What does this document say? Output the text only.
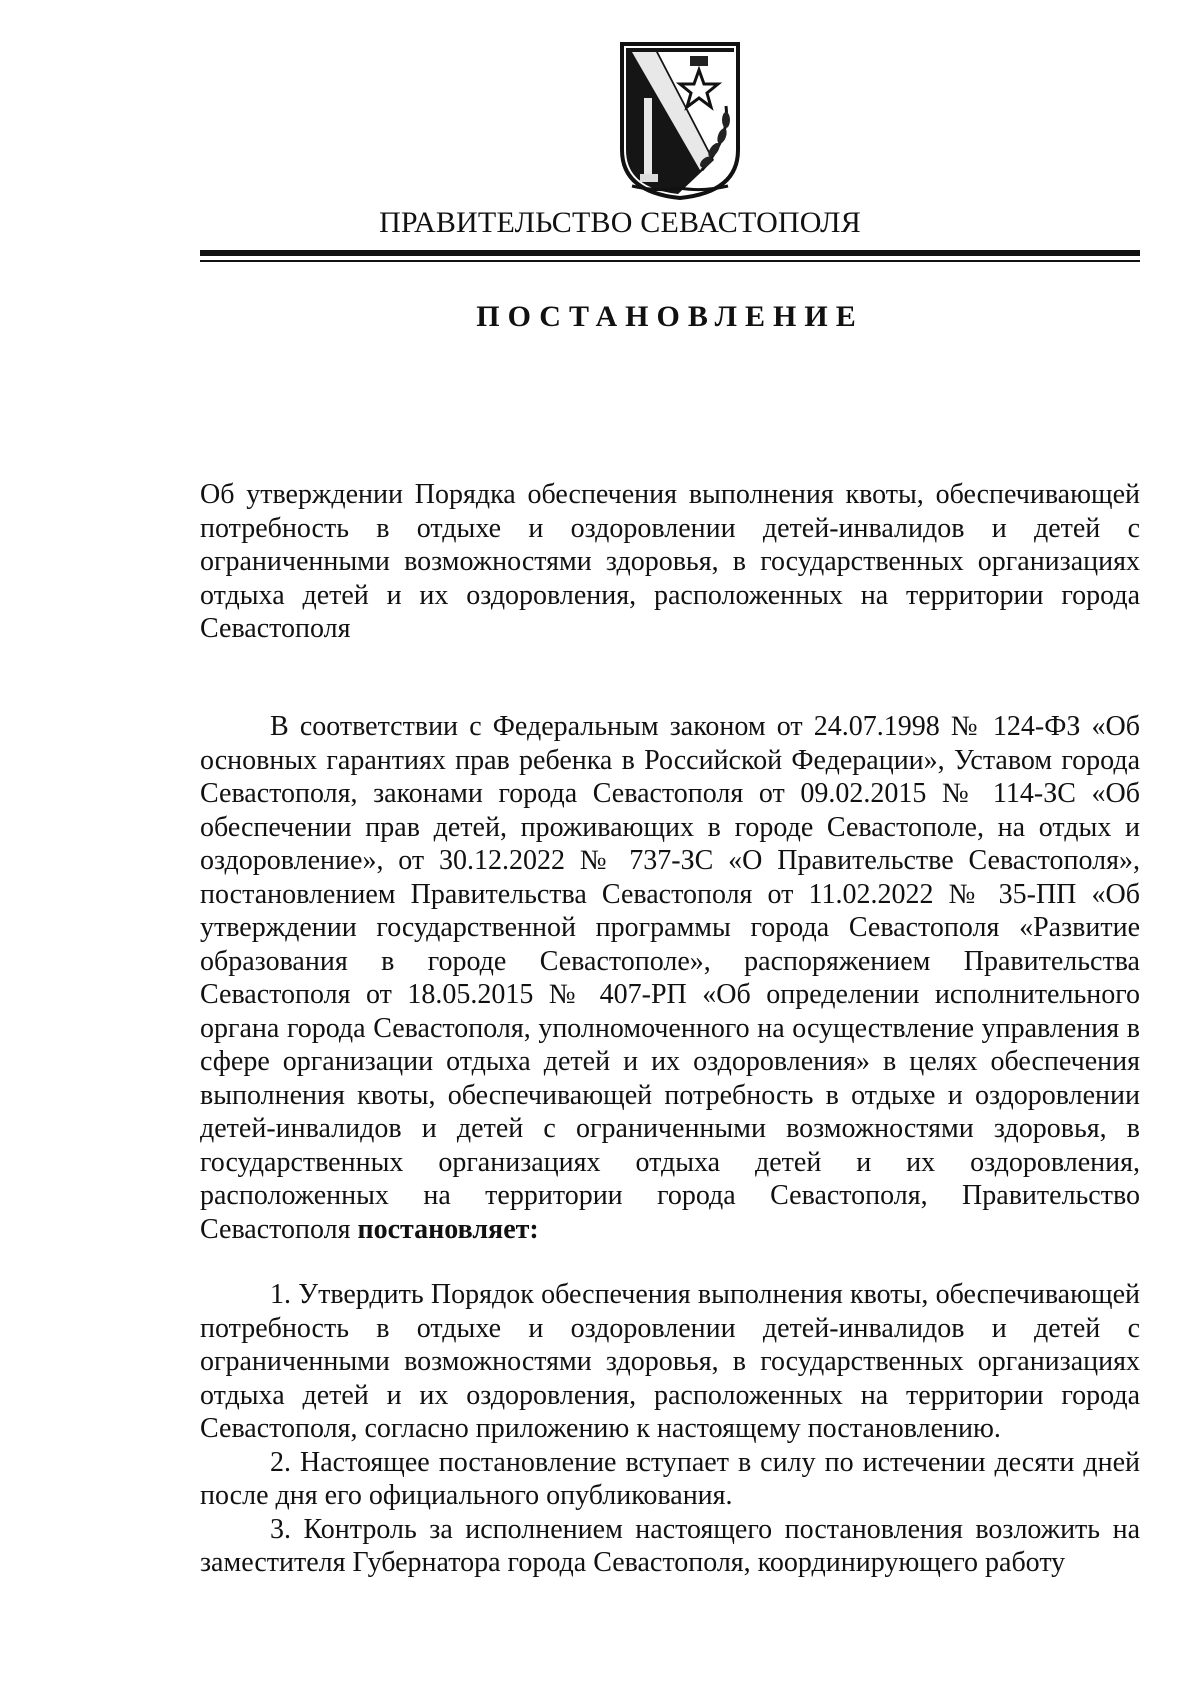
ПРАВИТЕЛЬСТВО СЕВАСТОПОЛЯ
ПОСТАНОВЛЕНИЕ
Об утверждении Порядка обеспечения выполнения квоты, обеспечивающей потребность в отдыхе и оздоровлении детей-инвалидов и детей с ограниченными возможностями здоровья, в государственных организациях отдыха детей и их оздоровления, расположенных на территории города Севастополя
В соответствии с Федеральным законом от 24.07.1998 № 124-ФЗ «Об основных гарантиях прав ребенка в Российской Федерации», Уставом города Севастополя, законами города Севастополя от 09.02.2015 № 114-ЗС «Об обеспечении прав детей, проживающих в городе Севастополе, на отдых и оздоровление», от 30.12.2022 № 737-ЗС «О Правительстве Севастополя», постановлением Правительства Севастополя от 11.02.2022 № 35-ПП «Об утверждении государственной программы города Севастополя «Развитие образования в городе Севастополе», распоряжением Правительства Севастополя от 18.05.2015 № 407-РП «Об определении исполнительного органа города Севастополя, уполномоченного на осуществление управления в сфере организации отдыха детей и их оздоровления» в целях обеспечения выполнения квоты, обеспечивающей потребность в отдыхе и оздоровлении детей-инвалидов и детей с ограниченными возможностями здоровья, в государственных организациях отдыха детей и их оздоровления, расположенных на территории города Севастополя, Правительство Севастополя постановляет:

1. Утвердить Порядок обеспечения выполнения квоты, обеспечивающей потребность в отдыхе и оздоровлении детей-инвалидов и детей с ограниченными возможностями здоровья, в государственных организациях отдыха детей и их оздоровления, расположенных на территории города Севастополя, согласно приложению к настоящему постановлению.

2. Настоящее постановление вступает в силу по истечении десяти дней после дня его официального опубликования.

3. Контроль за исполнением настоящего постановления возложить на заместителя Губернатора города Севастополя, координирующего работу
